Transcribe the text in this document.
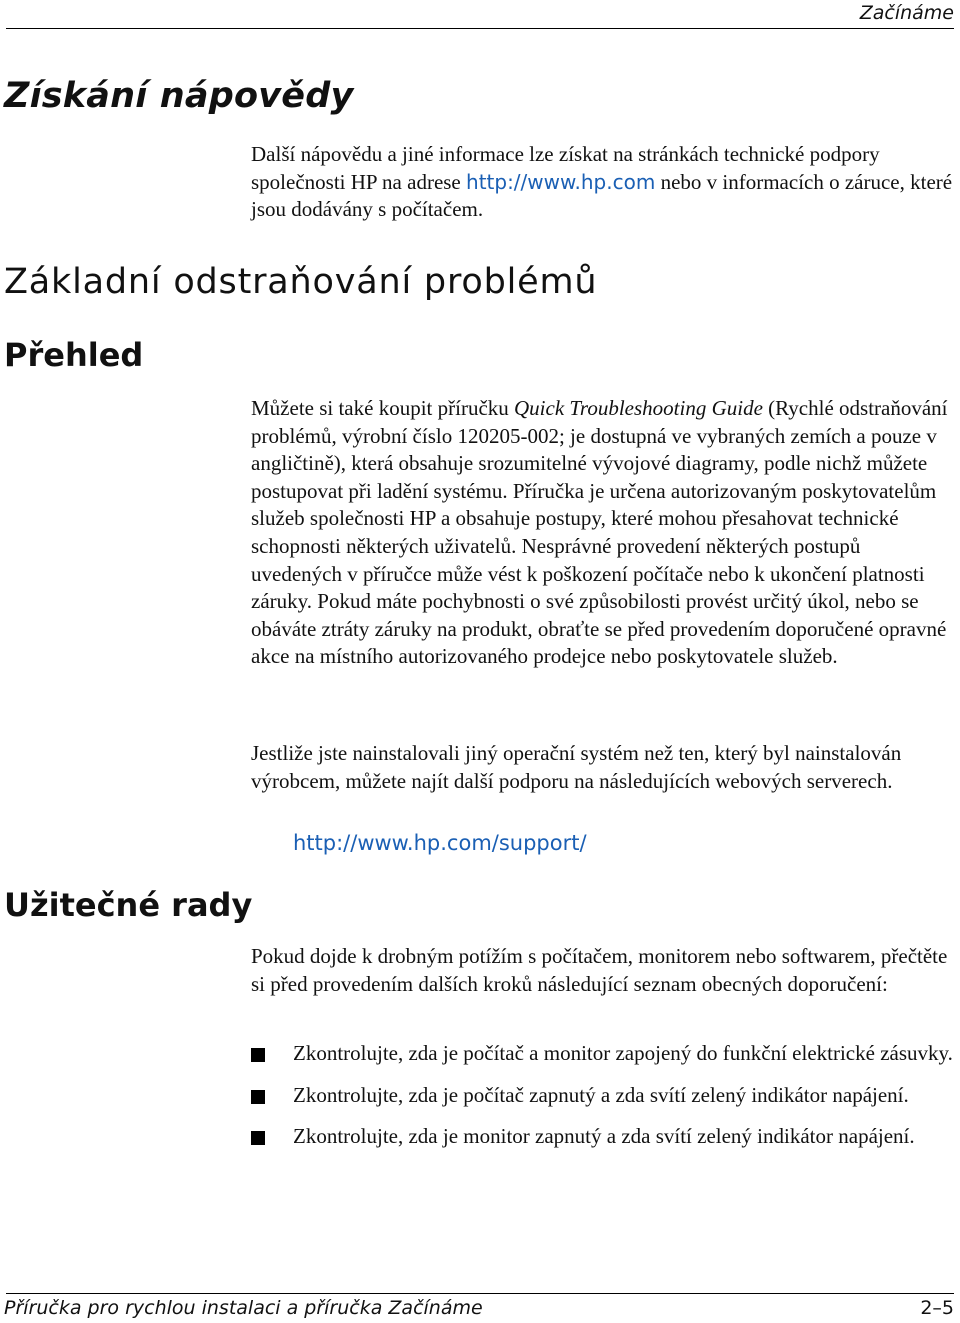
Začínáme
Získání nápovědy
Další nápovědu a jiné informace lze získat na stránkách technické podpory společnosti HP na adrese http://www.hp.com nebo v informacích o záruce, které jsou dodávány s počítačem.
Základní odstraňování problémů
Přehled
Můžete si také koupit příručku Quick Troubleshooting Guide (Rychlé odstraňování problémů, výrobní číslo 120205-002; je dostupná ve vybraných zemích a pouze v angličtině), která obsahuje srozumitelné vývojové diagramy, podle nichž můžete postupovat při ladění systému. Příručka je určena autorizovaným poskytovatelům služeb společnosti HP a obsahuje postupy, které mohou přesahovat technické schopnosti některých uživatelů. Nesprávné provedení některých postupů uvedených v příručce může vést k poškození počítače nebo k ukončení platnosti záruky. Pokud máte pochybnosti o své způsobilosti provést určitý úkol, nebo se obáváte ztráty záruky na produkt, obraťte se před provedením doporučené opravné akce na místního autorizovaného prodejce nebo poskytovatele služeb.
Jestliže jste nainstalovali jiný operační systém než ten, který byl nainstalován výrobcem, můžete najít další podporu na následujících webových serverech.
http://www.hp.com/support/
Užitečné rady
Pokud dojde k drobným potížím s počítačem, monitorem nebo softwarem, přečtěte si před provedením dalších kroků následující seznam obecných doporučení:
Zkontrolujte, zda je počítač a monitor zapojený do funkční elektrické zásuvky.
Zkontrolujte, zda je počítač zapnutý a zda svítí zelený indikátor napájení.
Zkontrolujte, zda je monitor zapnutý a zda svítí zelený indikátor napájení.
Příručka pro rychlou instalaci a příručka Začínáme	2–5
